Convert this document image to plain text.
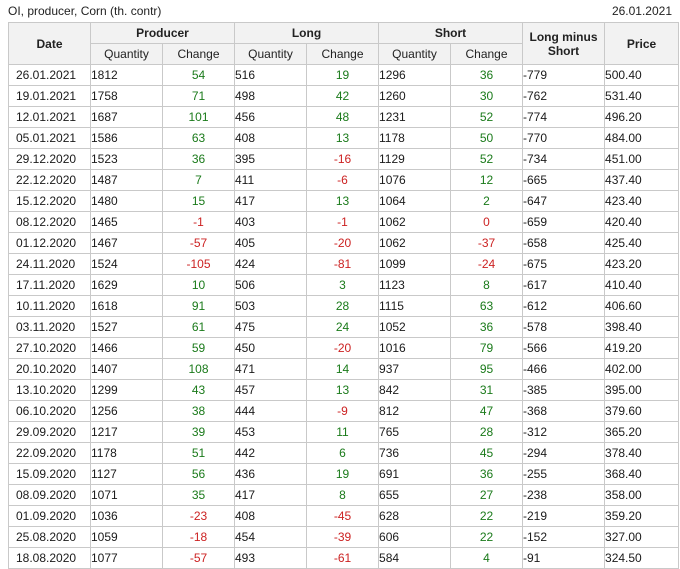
OI, producer, Corn (th. contr)	26.01.2021
Date	Producer		Long		Short		Long minus Short	Price
	Quantity	Change	Quantity	Change	Quantity	Change		
26.01.2021	1812	54	516	19	1296	36	-779	500.40
19.01.2021	1758	71	498	42	1260	30	-762	531.40
12.01.2021	1687	101	456	48	1231	52	-774	496.20
05.01.2021	1586	63	408	13	1178	50	-770	484.00
29.12.2020	1523	36	395	-16	1129	52	-734	451.00
22.12.2020	1487	7	411	-6	1076	12	-665	437.40
15.12.2020	1480	15	417	13	1064	2	-647	423.40
08.12.2020	1465	-1	403	-1	1062	0	-659	420.40
01.12.2020	1467	-57	405	-20	1062	-37	-658	425.40
24.11.2020	1524	-105	424	-81	1099	-24	-675	423.20
17.11.2020	1629	10	506	3	1123	8	-617	410.40
10.11.2020	1618	91	503	28	1115	63	-612	406.60
03.11.2020	1527	61	475	24	1052	36	-578	398.40
27.10.2020	1466	59	450	-20	1016	79	-566	419.20
20.10.2020	1407	108	471	14	937	95	-466	402.00
13.10.2020	1299	43	457	13	842	31	-385	395.00
06.10.2020	1256	38	444	-9	812	47	-368	379.60
29.09.2020	1217	39	453	11	765	28	-312	365.20
22.09.2020	1178	51	442	6	736	45	-294	378.40
15.09.2020	1127	56	436	19	691	36	-255	368.40
08.09.2020	1071	35	417	8	655	27	-238	358.00
01.09.2020	1036	-23	408	-45	628	22	-219	359.20
25.08.2020	1059	-18	454	-39	606	22	-152	327.00
18.08.2020	1077	-57	493	-61	584	4	-91	324.50
